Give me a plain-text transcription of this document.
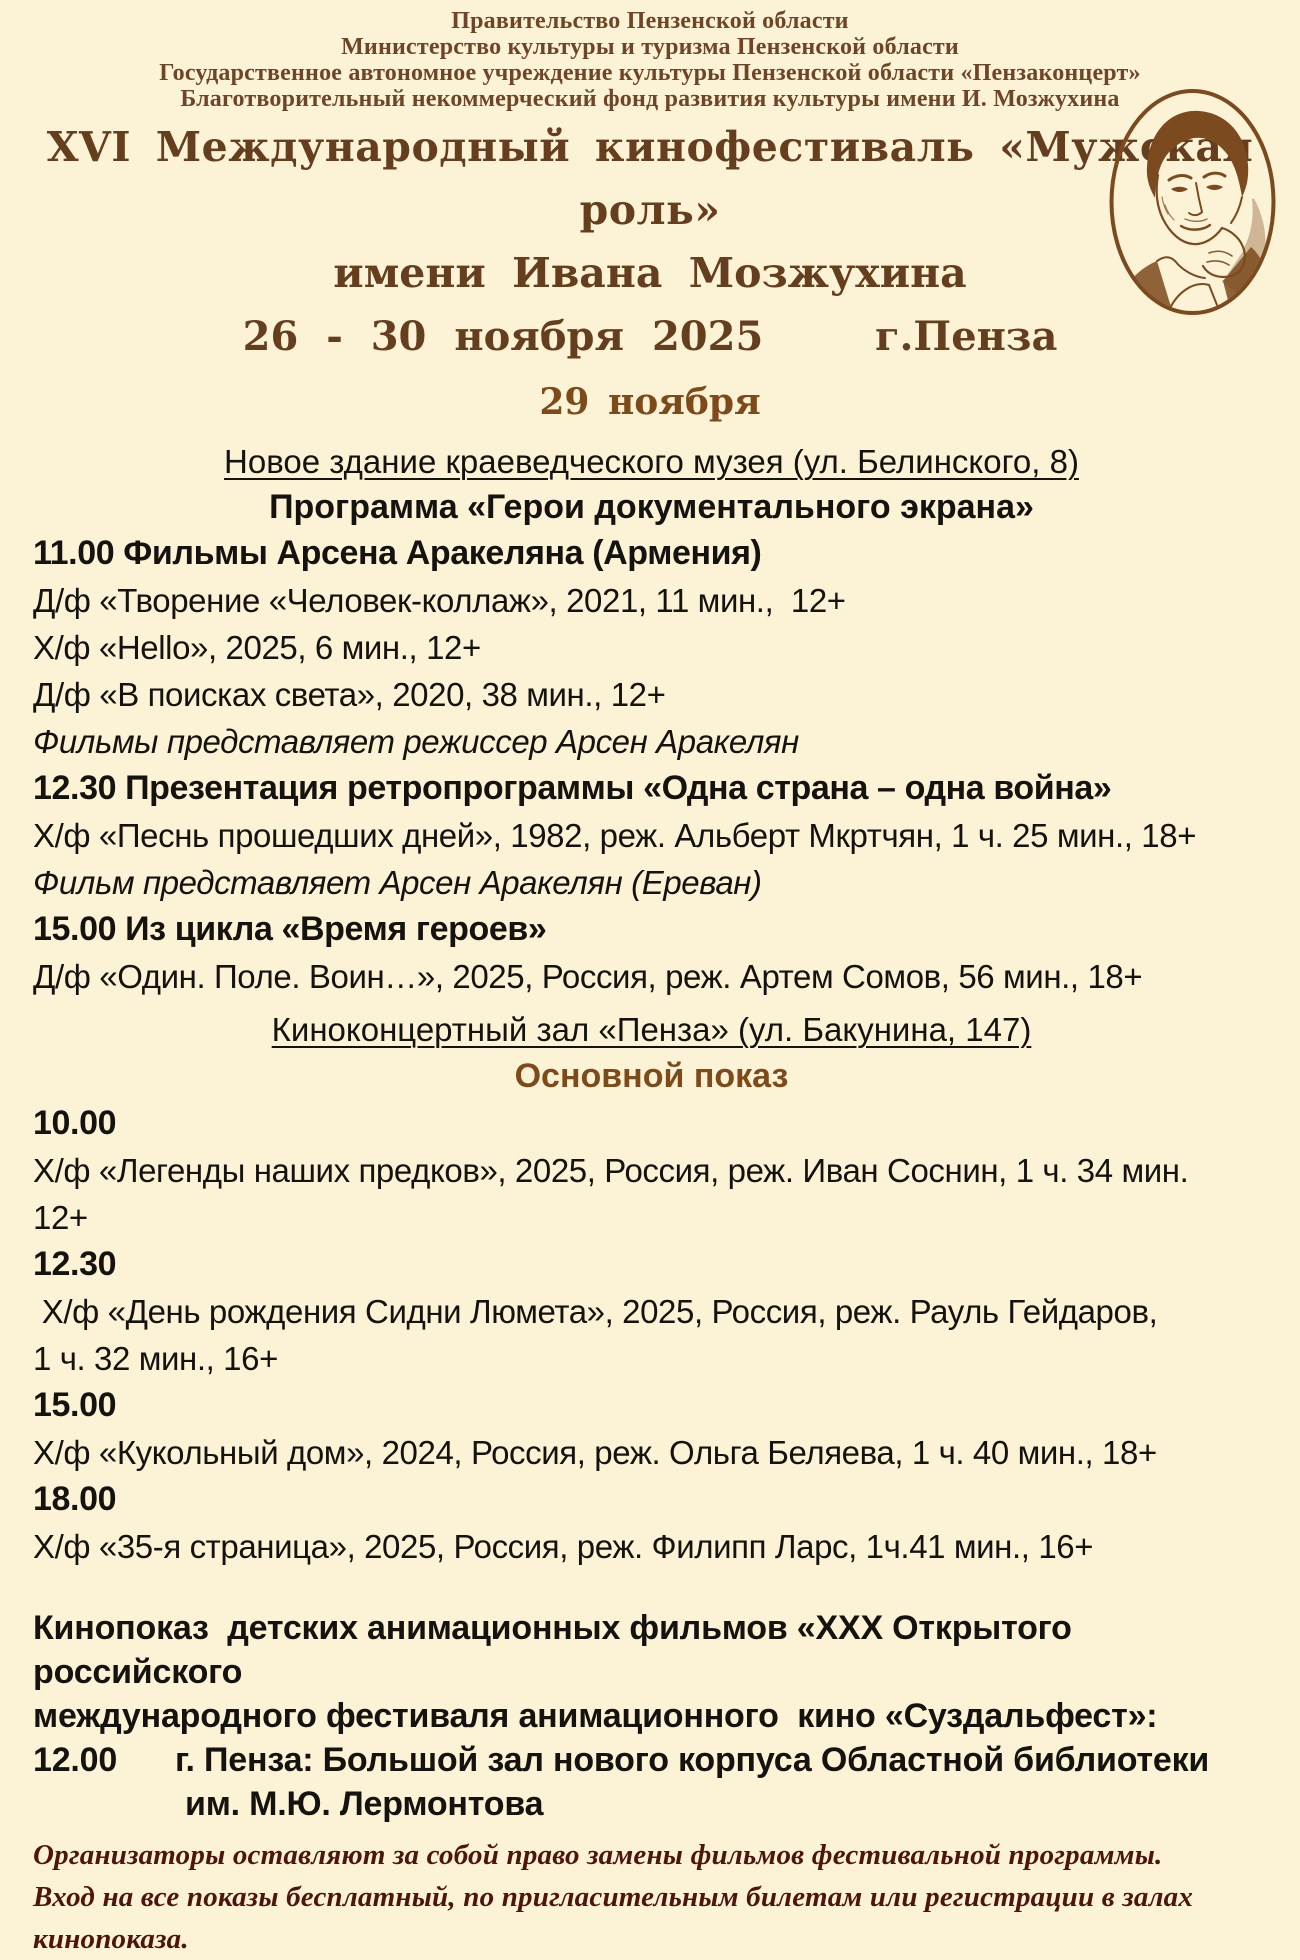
Правительство Пензенской области
Министерство культуры и туризма Пензенской области
Государственное автономное учреждение культуры Пензенской области «Пензаконцерт»
Благотворительный некоммерческий фонд развития культуры имени И. Мозжухина
XVI Международный кинофестиваль «Мужская роль»
имени Ивана Мозжухина
26 - 30 ноября 2025    г.Пенза
29 ноября
Новое здание краеведческого музея (ул. Белинского, 8)
Программа «Герои документального экрана»
11.00 Фильмы Арсена Аракеляна (Армения)
Д/ф «Творение «Человек-коллаж», 2021, 11 мин.,  12+
Х/ф «Hello», 2025, 6 мин., 12+
Д/ф «В поисках света», 2020, 38 мин., 12+
Фильмы представляет режиссер Арсен Аракелян
12.30 Презентация ретропрограммы «Одна страна – одна война»
Х/ф «Песнь прошедших дней», 1982, реж. Альберт Мкртчян, 1 ч. 25 мин., 18+
Фильм представляет Арсен Аракелян (Ереван)
15.00 Из цикла «Время героев»
Д/ф «Один. Поле. Воин…», 2025, Россия, реж. Артем Сомов, 56 мин., 18+
Киноконцертный зал «Пенза» (ул. Бакунина, 147)
Основной показ
10.00
Х/ф «Легенды наших предков», 2025, Россия, реж. Иван Соснин, 1 ч. 34 мин.
12+
12.30
Х/ф «День рождения Сидни Люмета», 2025, Россия, реж. Рауль Гейдаров,
1 ч. 32 мин., 16+
15.00
Х/ф «Кукольный дом», 2024, Россия, реж. Ольга Беляева, 1 ч. 40 мин., 18+
18.00
Х/ф «35-я страница», 2025, Россия, реж. Филипп Ларс, 1ч.41 мин., 16+
Кинопоказ  детских анимационных фильмов «XXX Открытого российского
международного фестиваля анимационного  кино «Суздальфест»:
12.00	г. Пенза: Большой зал нового корпуса Областной библиотеки
им. М.Ю. Лермонтова
Организаторы оставляют за собой право замены фильмов фестивальной программы.
Вход на все показы бесплатный, по пригласительным билетам или регистрации в залах кинопоказа.
